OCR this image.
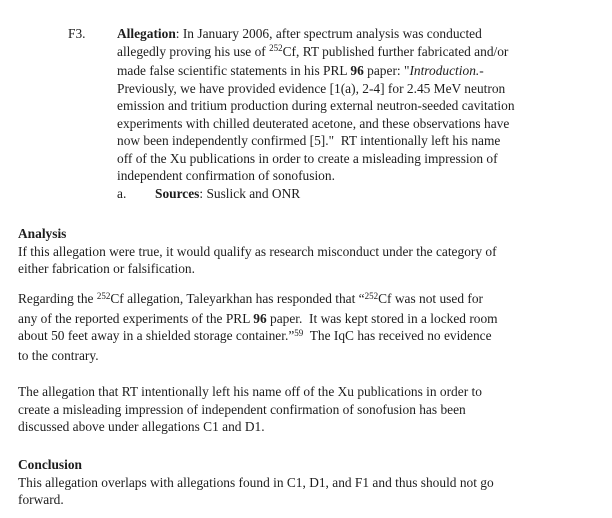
F3.	Allegation: In January 2006, after spectrum analysis was conducted
allegedly proving his use of $^{252}$Cf, RT published further fabricated and/or
made false scientific statements in his PRL 96 paper: "Introduction.-
Previously, we have provided evidence [1(a), 2-4] for 2.45 MeV neutron
emission and tritium production during external neutron-seeded cavitation
experiments with chilled deuterated acetone, and these observations have
now been independently confirmed [5]."  RT intentionally left his name
off of the Xu publications in order to create a misleading impression of
independent confirmation of sonofusion.
a.	Sources: Suslick and ONR
Analysis
If this allegation were true, it would qualify as research misconduct under the category of
either fabrication or falsification.
Regarding the $^{252}$Cf allegation, Taleyarkhan has responded that “$^{252}$Cf was not used for
any of the reported experiments of the PRL 96 paper.  It was kept stored in a locked room
about 50 feet away in a shielded storage container.”$^{59}$  The IqC has received no evidence
to the contrary.
The allegation that RT intentionally left his name off of the Xu publications in order to
create a misleading impression of independent confirmation of sonofusion has been
discussed above under allegations C1 and D1.
Conclusion
This allegation overlaps with allegations found in C1, D1, and F1 and thus should not go
forward.
